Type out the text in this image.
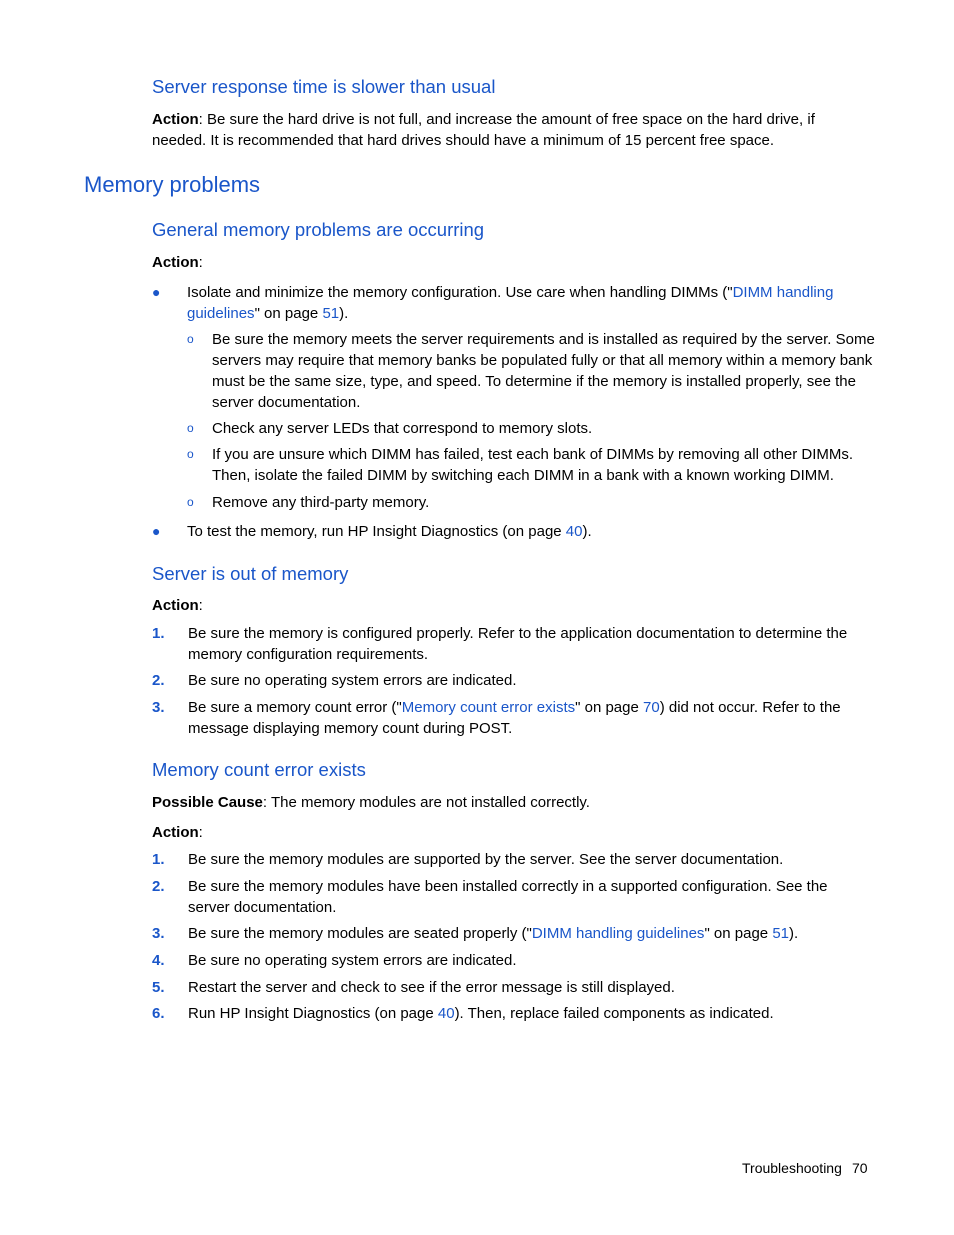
Server response time is slower than usual
Action: Be sure the hard drive is not full, and increase the amount of free space on the hard drive, if needed. It is recommended that hard drives should have a minimum of 15 percent free space.
Memory problems
General memory problems are occurring
Action:
● Isolate and minimize the memory configuration. Use care when handling DIMMs ("DIMM handling guidelines" on page 51).
o Be sure the memory meets the server requirements and is installed as required by the server. Some servers may require that memory banks be populated fully or that all memory within a memory bank must be the same size, type, and speed. To determine if the memory is installed properly, see the server documentation.
o Check any server LEDs that correspond to memory slots.
o If you are unsure which DIMM has failed, test each bank of DIMMs by removing all other DIMMs. Then, isolate the failed DIMM by switching each DIMM in a bank with a known working DIMM.
o Remove any third-party memory.
● To test the memory, run HP Insight Diagnostics (on page 40).
Server is out of memory
Action:
1. Be sure the memory is configured properly. Refer to the application documentation to determine the memory configuration requirements.
2. Be sure no operating system errors are indicated.
3. Be sure a memory count error ("Memory count error exists" on page 70) did not occur. Refer to the message displaying memory count during POST.
Memory count error exists
Possible Cause: The memory modules are not installed correctly.
Action:
1. Be sure the memory modules are supported by the server. See the server documentation.
2. Be sure the memory modules have been installed correctly in a supported configuration. See the server documentation.
3. Be sure the memory modules are seated properly ("DIMM handling guidelines" on page 51).
4. Be sure no operating system errors are indicated.
5. Restart the server and check to see if the error message is still displayed.
6. Run HP Insight Diagnostics (on page 40). Then, replace failed components as indicated.
Troubleshooting 70
